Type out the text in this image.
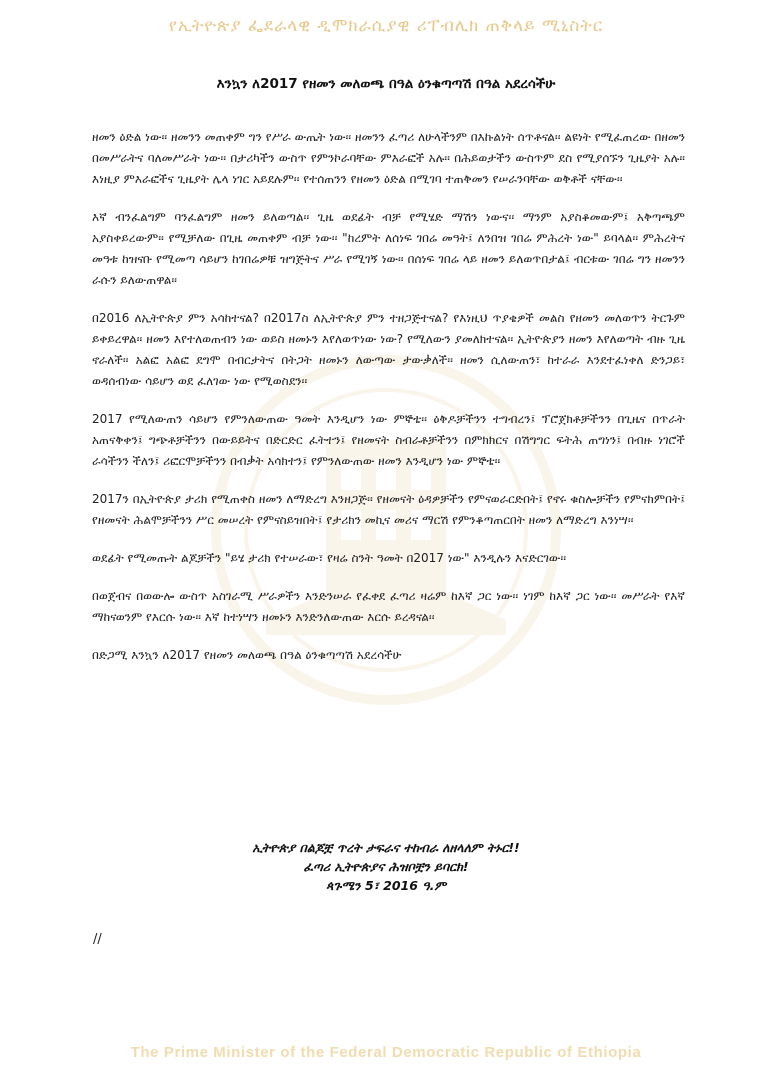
የኢትዮጵያ ፌደራላዊ ዲሞክራሲያዊ ሪፐብሊክ ጠቅላይ ሚኒስትር
እንኳን ለ2017 የዘመን መለወጫ በዓል ዕንቁጣጣሽ በዓል አደረሳችሁ

ዘመን ዕድል ነው፡፡ ዘመንን መጠቀም ግን የሥራ ውጤት ነው፡፡ ዘመንን ፈጣሪ ለሁላችንም በእኩልነት ሰጥቶናል፡፡ ልዩነት የሚፈጠረው በዘመን በመሥራትና ባለመሥራት ነው፡፡ በታሪካችን ውስጥ የምንኮራባቸው ምእራፎች አሉ፡፡ በሕይወታችን ውስጥም ደስ የሚያሰኙን ጊዜያት አሉ፡፡ እነዚያ ምእራፎችና ጊዜያት ሌላ ነገር አይደሉም፡፡ የተሰጠንን የዘመን ዕድል በሚገባ ተጠቅመን የሠራንባቸው ወቅቶች ናቸው፡፡

እኛ ብንፈልግም ባንፈልግም ዘመን ይለወጣል፡፡ ጊዜ ወደፊት ብቻ የሚሄድ ማሽን ነውና፡፡ ማንም አያስቆመውም፤ አቅጣጫም አያስቀይረውም፡፡ የሚቻለው በጊዜ መጠቀም ብቻ ነው፡፡ "ከረምት ለሰነፍ ገበሬ መዓት፤ ለንበዝ ገበሬ ምሕረት ነው" ይባላል፡፡ ምሕረትና መዓቱ ከዝናቡ የሚመጣ ሳይሆን ከገበሬዎቹ ዝግጅትና ሥራ የሚገኝ ነው፡፡ በሰነፍ ገበሬ ላይ ዘመን ይለወጥበታል፤ ብርቱው ገበሬ ግን ዘመንን ራሱን ይለውጠዋል፡፡

በ2016 ለኢትዮጵያ ምን አሳከተናል? በ2017ስ ለኢትዮጵያ ምን ተዘጋጅተናል? የእነዚህ ጥያቄዎች መልስ የዘመን መለወጥን ትርጉም ይቀይረዋል፡፡ ዘመን እየተለወጠብን ነው ወይስ ዘመኑን እየለወጥነው ነው? የሚለውን ያመለክተናል፡፡ ኢትዮጵያን ዘመን እየለወጣት ብዙ ጊዜ ኖራለች፡፡ አልፎ አልፎ ደግሞ በብርታትና በትጋት ዘመኑን ለውጣው ታውቃለች፡፡ ዘመን ሲለውጠን፣ ከተራራ እንደተፈነቀለ ድንጋይ፣ ወዳሰብነው ሳይሆን ወደ ፈለገው ነው የሚወስደን፡፡

2017 የሚለውጠን ሳይሆን የምንለውጠው ዓመት እንዲሆን ነው ምኞቴ፡፡ ዕቅዶቻችንን ተግብረን፤ ፕሮጀክቶቻችንን በጊዜና በጥራት አጠናቅቀን፤ ግጭቶቻችንን በውይይትና በድርድር ፈትተን፤ የዘመናት ስብራቶቻችንን በምክክርና በሽግግር ፍትሕ ጠግነን፤ በብዙ ነገሮች ራሳችንን ችለን፤ ሪፎርሞቻችንን በብቃት አሳክተን፤ የምንለውጠው ዘመን እንዲሆን ነው ምኞቴ፡፡

2017ን በኢትዮጵያ ታሪክ የሚጠቀስ ዘመን ለማድረግ እንዘጋጅ፡፡ የዘመናት ዕዳዎቻችን የምናወራርድበት፤ የኖሩ ቁስሎቻችን የምናክምበት፤ የዘመናት ሕልሞቻችንን ሥር መሠረት የምናስይዝበት፤ የታሪክን መኪና መሪና ማርሽ የምንቆጣጠርበት ዘመን ለማድረግ እንነሣ፡፡

ወደፊት የሚመጡት ልጆቻችን "ይሄ ታሪክ የተሠራው፣ የዛሬ ስንት ዓመት በ2017 ነው" እንዲሉን እናድርገው፡፡

በወጀብና በወውሎ ውስጥ አስገራሚ ሥራዎችን እንድንሠራ የፈቀደ ፈጣሪ ዛሬም ከእኛ ጋር ነው፡፡ ነገም ከእኛ ጋር ነው፡፡ መሥራት የእኛ ማከናወንም የእርሱ ነው፡፡ እኛ ከተነሣን ዘመኑን እንድንለውጠው እርሱ ይረዳናል፡፡

በድጋሚ እንኳን ለ2017 የዘመን መለወጫ በዓል ዕንቁጣጣሽ አደረሳችሁ

ኢትዮጵያ በልጆቿ ጥረት ታፍራና ተከብራ ለዘላለም ትኑር!!
ፈጣሪ ኢትዮጵያና ሕዝቦቿን ይባርክ!
ጳጉሜን 5፣ 2016 ዓ.ም
//
The Prime Minister of the Federal Democratic Republic of Ethiopia
